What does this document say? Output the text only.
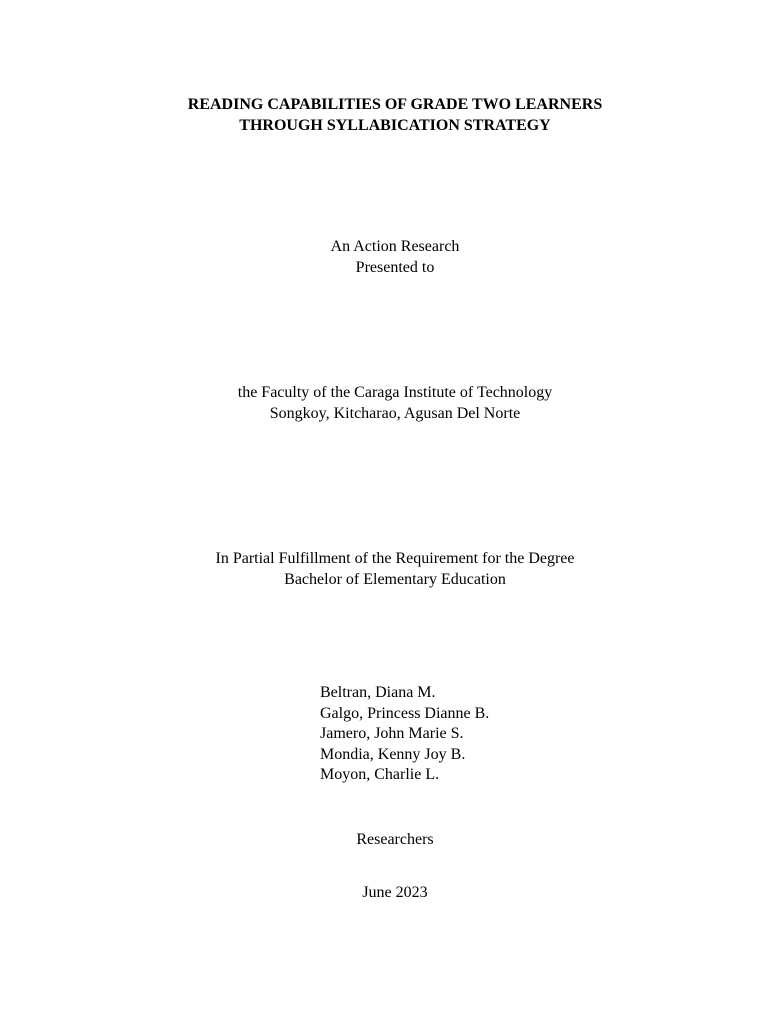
READING CAPABILITIES OF GRADE TWO LEARNERS
THROUGH SYLLABICATION STRATEGY
An Action Research
Presented to
the Faculty of the Caraga Institute of Technology
Songkoy, Kitcharao, Agusan Del Norte
In Partial Fulfillment of the Requirement for the Degree
Bachelor of Elementary Education
Beltran, Diana M.
Galgo, Princess Dianne B.
Jamero, John Marie S.
Mondia, Kenny Joy B.
Moyon, Charlie L.
Researchers
June 2023
